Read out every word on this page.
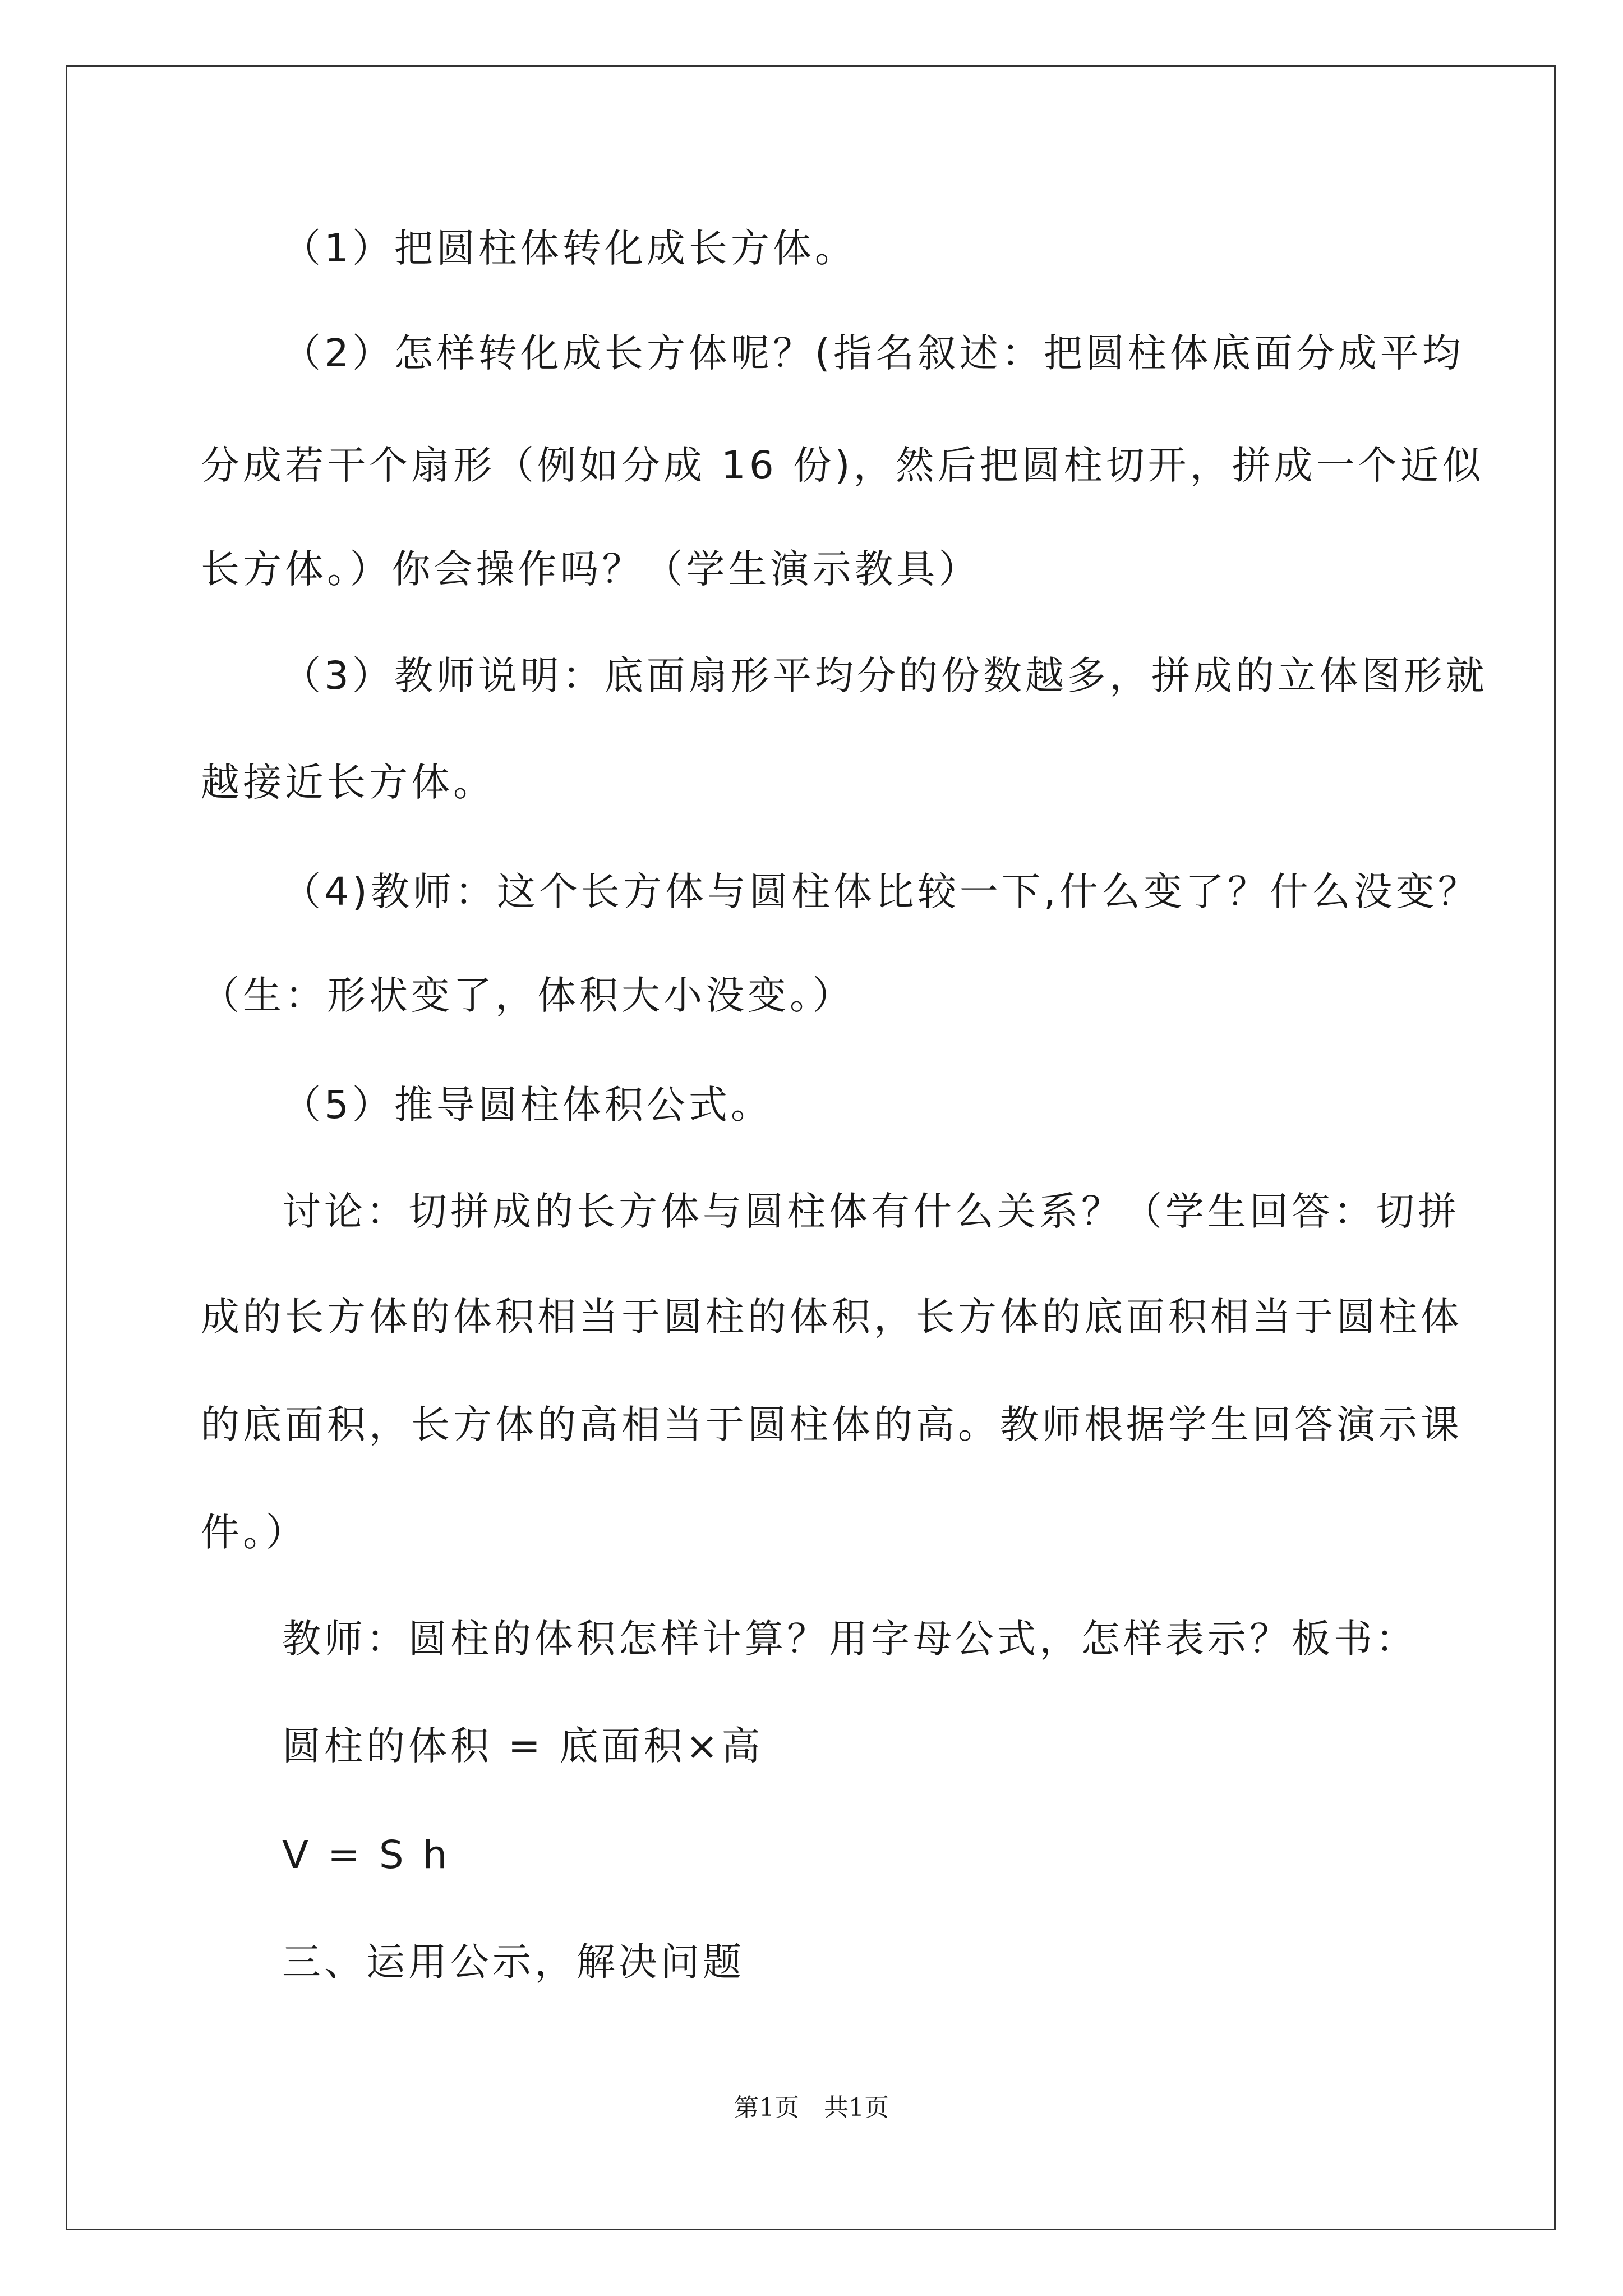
（1）把圆柱体转化成长方体。
（2）怎样转化成长方体呢？(指名叙述：把圆柱体底面分成平均
分成若干个扇形（例如分成 16 份)，然后把圆柱切开，拼成一个近似
长方体。）你会操作吗？（学生演示教具）
（3）教师说明：底面扇形平均分的份数越多，拼成的立体图形就
越接近长方体。
（4)教师：这个长方体与圆柱体比较一下,什么变了？什么没变？
（生：形状变了，体积大小没变。）
（5）推导圆柱体积公式。
讨论：切拼成的长方体与圆柱体有什么关系？（学生回答：切拼
成的长方体的体积相当于圆柱的体积，长方体的底面积相当于圆柱体
的底面积，长方体的高相当于圆柱体的高。教师根据学生回答演示课
件。）
教师：圆柱的体积怎样计算？用字母公式，怎样表示？板书：
圆柱的体积 = 底面积×高
V = S h
三、运用公示，解决问题
第1页 共1页
